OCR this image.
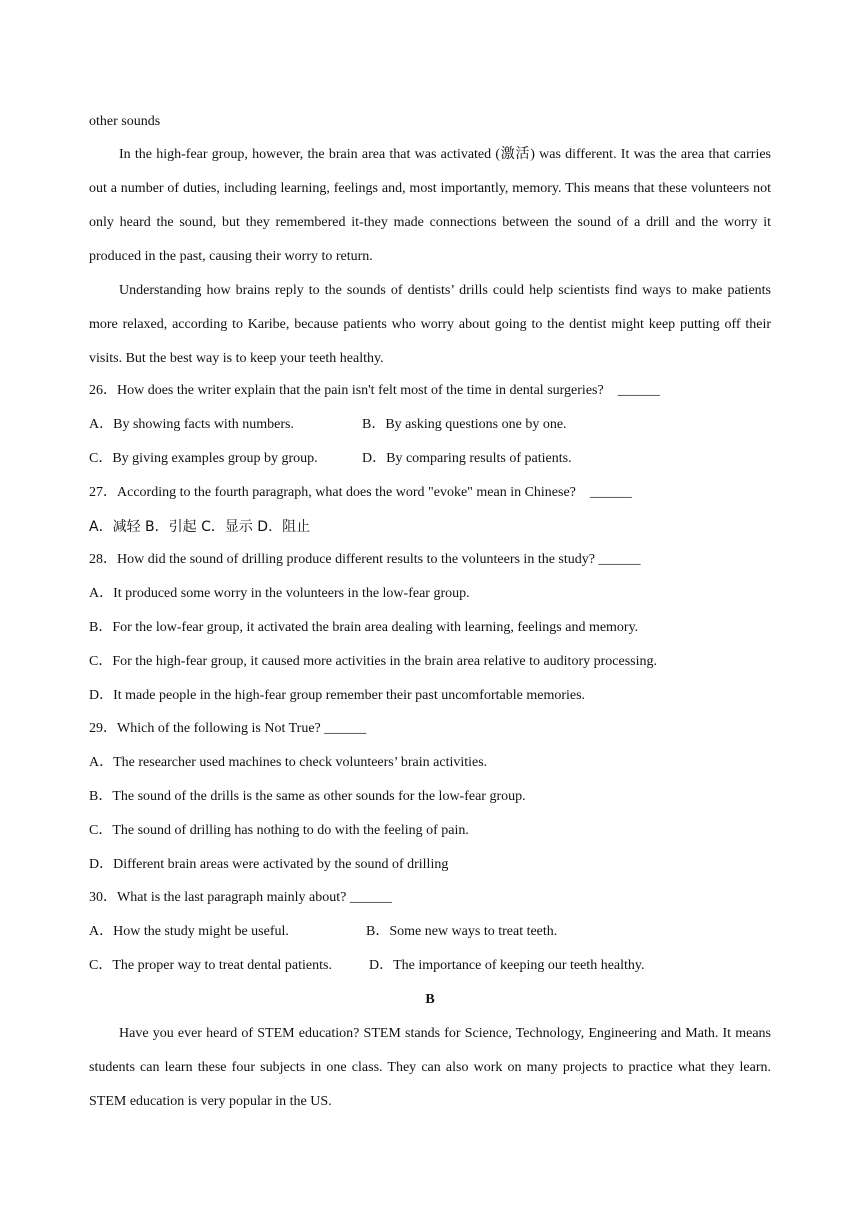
other sounds

In the high-fear group, however, the brain area that was activated (激活) was different. It was the area that carries out a number of duties, including learning, feelings and, most importantly, memory. This means that these volunteers not only heard the sound, but they remembered it-they made connections between the sound of a drill and the worry it produced in the past, causing their worry to return.

Understanding how brains reply to the sounds of dentists’ drills could help scientists find ways to make patients more relaxed, according to Karibe, because patients who worry about going to the dentist might keep putting off their visits. But the best way is to keep your teeth healthy.

26．How does the writer explain that the pain isn't felt most of the time in dental surgeries?　______
A．By showing facts with numbers.	B．By asking questions one by one.
C．By giving examples group by group.	D．By comparing results of patients.
27．According to the fourth paragraph, what does the word "evoke" mean in Chinese?　______
A．减轻 B．引起 C．显示 D．阻止
28．How did the sound of drilling produce different results to the volunteers in the study? ______
A．It produced some worry in the volunteers in the low-fear group.
B．For the low-fear group, it activated the brain area dealing with learning, feelings and memory.
C．For the high-fear group, it caused more activities in the brain area relative to auditory processing.
D．It made people in the high-fear group remember their past uncomfortable memories.
29．Which of the following is Not True? ______
A．The researcher used machines to check volunteers’ brain activities.
B．The sound of the drills is the same as other sounds for the low-fear group.
C．The sound of drilling has nothing to do with the feeling of pain.
D．Different brain areas were activated by the sound of drilling
30．What is the last paragraph mainly about? ______
A．How the study might be useful.	B．Some new ways to treat teeth.
C．The proper way to treat dental patients.	D．The importance of keeping our teeth healthy.
B

Have you ever heard of STEM education? STEM stands for Science, Technology, Engineering and Math. It means students can learn these four subjects in one class. They can also work on many projects to practice what they learn. STEM education is very popular in the US.
